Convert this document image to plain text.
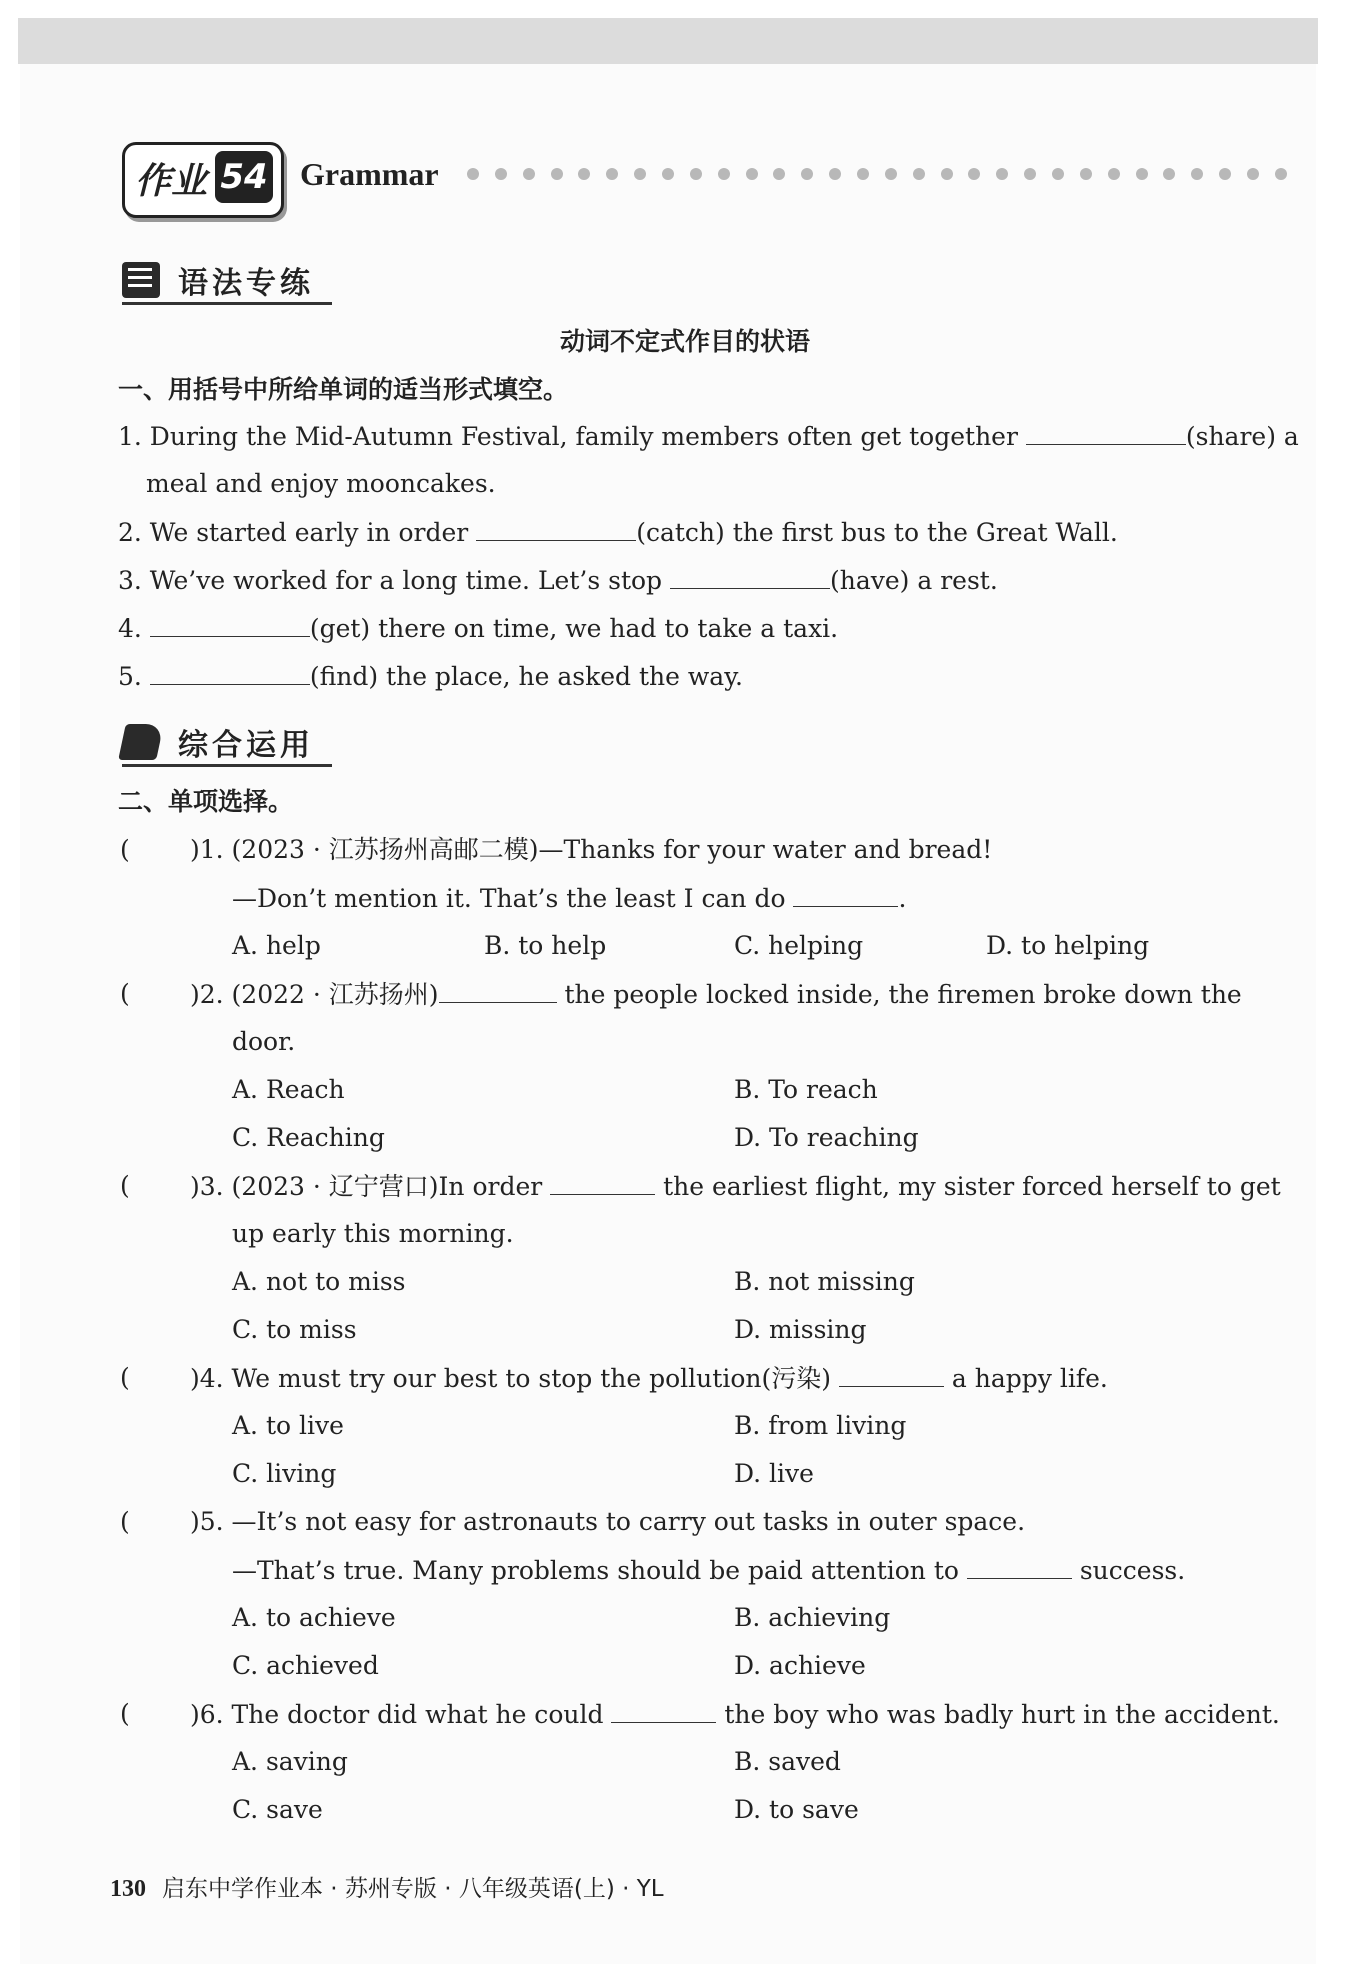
作业 54 Grammar
语法专练
动词不定式作目的状语
一、用括号中所给单词的适当形式填空。
1. During the Mid-Autumn Festival, family members often get together	(share) a
meal and enjoy mooncakes.
2. We started early in order	(catch) the first bus to the Great Wall.
3. We’ve worked for a long time. Let’s stop	(have) a rest.
4.	(get) there on time, we had to take a taxi.
5.	(find) the place, he asked the way.
综合运用
二、单项选择。
( )1. (2023 · 江苏扬州高邮二模)—Thanks for your water and bread!
—Don’t mention it. That’s the least I can do	.
A. help	B. to help	C. helping	D. to helping
( )2. (2022 · 江苏扬州)	the people locked inside, the firemen broke down the
door.
A. Reach	B. To reach
C. Reaching	D. To reaching
( )3. (2023 · 辽宁营口)In order	the earliest flight, my sister forced herself to get
up early this morning.
A. not to miss	B. not missing
C. to miss	D. missing
( )4. We must try our best to stop the pollution(污染)	a happy life.
A. to live	B. from living
C. living	D. live
( )5. —It’s not easy for astronauts to carry out tasks in outer space.
—That’s true. Many problems should be paid attention to	success.
A. to achieve	B. achieving
C. achieved	D. achieve
( )6. The doctor did what he could	the boy who was badly hurt in the accident.
A. saving	B. saved
C. save	D. to save
130 启东中学作业本 · 苏州专版 · 八年级英语(上) · YL
